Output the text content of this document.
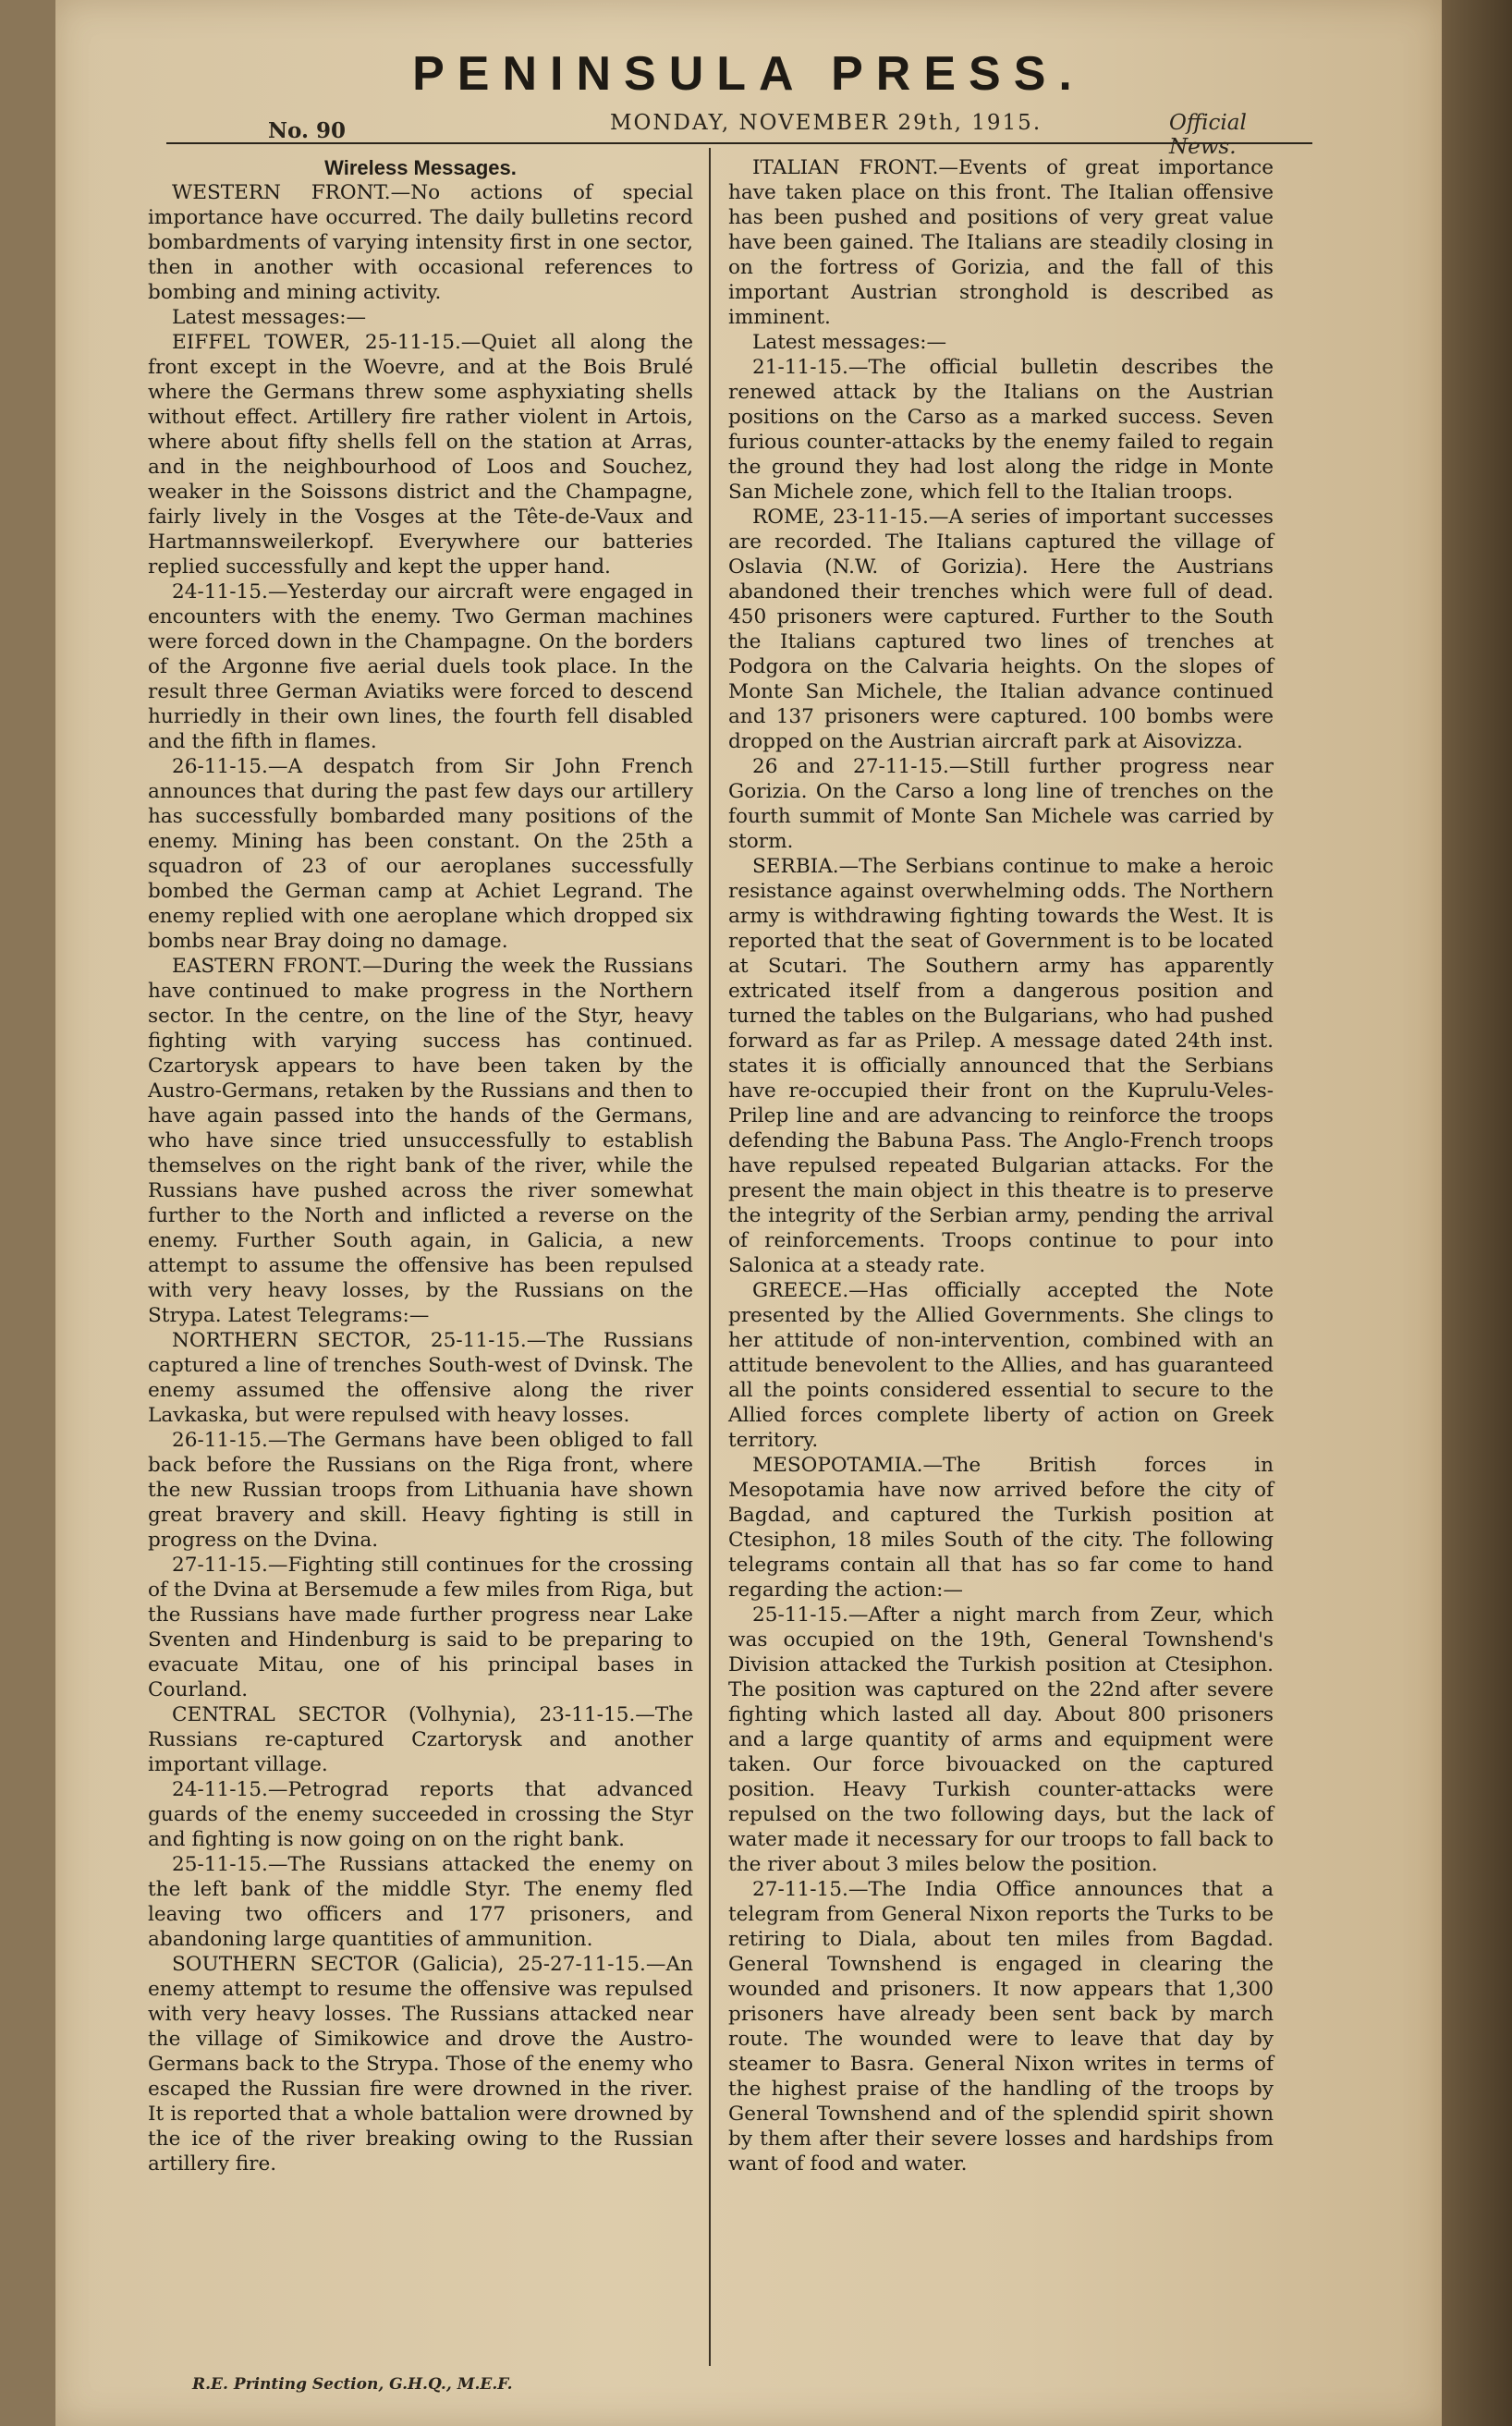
PENINSULA PRESS.
No. 90	MONDAY, NOVEMBER 29th, 1915.	Official News.
Wireless Messages.

WESTERN FRONT.—No actions of special importance have occurred. The daily bulletins record bombardments of varying intensity first in one sector, then in another with occasional references to bombing and mining activity.

Latest messages:—

EIFFEL TOWER, 25-11-15.—Quiet all along the front except in the Woevre, and at the Bois Brulé where the Germans threw some asphyxiating shells without effect. Artillery fire rather violent in Artois, where about fifty shells fell on the station at Arras, and in the neighbourhood of Loos and Souchez, weaker in the Soissons district and the Champagne, fairly lively in the Vosges at the Tête-de-Vaux and Hartmannsweilerkopf. Everywhere our batteries replied successfully and kept the upper hand.

24-11-15.—Yesterday our aircraft were engaged in encounters with the enemy. Two German machines were forced down in the Champagne. On the borders of the Argonne five aerial duels took place. In the result three German Aviatiks were forced to descend hurriedly in their own lines, the fourth fell disabled and the fifth in flames.

26-11-15.—A despatch from Sir John French announces that during the past few days our artillery has successfully bombarded many positions of the enemy. Mining has been constant. On the 25th a squadron of 23 of our aeroplanes successfully bombed the German camp at Achiet Legrand. The enemy replied with one aeroplane which dropped six bombs near Bray doing no damage.

EASTERN FRONT.—During the week the Russians have continued to make progress in the Northern sector. In the centre, on the line of the Styr, heavy fighting with varying success has continued. Czartorysk appears to have been taken by the Austro-Germans, retaken by the Russians and then to have again passed into the hands of the Germans, who have since tried unsuccessfully to establish themselves on the right bank of the river, while the Russians have pushed across the river somewhat further to the North and inflicted a reverse on the enemy. Further South again, in Galicia, a new attempt to assume the offensive has been repulsed with very heavy losses, by the Russians on the Strypa. Latest Telegrams:—

NORTHERN SECTOR, 25-11-15.—The Russians captured a line of trenches South-west of Dvinsk. The enemy assumed the offensive along the river Lavkaska, but were repulsed with heavy losses.

26-11-15.—The Germans have been obliged to fall back before the Russians on the Riga front, where the new Russian troops from Lithuania have shown great bravery and skill. Heavy fighting is still in progress on the Dvina.

27-11-15.—Fighting still continues for the crossing of the Dvina at Bersemude a few miles from Riga, but the Russians have made further progress near Lake Sventen and Hindenburg is said to be preparing to evacuate Mitau, one of his principal bases in Courland.

CENTRAL SECTOR (Volhynia), 23-11-15.—The Russians re-captured Czartorysk and another important village.

24-11-15.—Petrograd reports that advanced guards of the enemy succeeded in crossing the Styr and fighting is now going on on the right bank.

25-11-15.—The Russians attacked the enemy on the left bank of the middle Styr. The enemy fled leaving two officers and 177 prisoners, and abandoning large quantities of ammunition.

SOUTHERN SECTOR (Galicia), 25-27-11-15.—An enemy attempt to resume the offensive was repulsed with very heavy losses. The Russians attacked near the village of Simikowice and drove the Austro-Germans back to the Strypa. Those of the enemy who escaped the Russian fire were drowned in the river. It is reported that a whole battalion were drowned by the ice of the river breaking owing to the Russian artillery fire.

ITALIAN FRONT.—Events of great importance have taken place on this front. The Italian offensive has been pushed and positions of very great value have been gained. The Italians are steadily closing in on the fortress of Gorizia, and the fall of this important Austrian stronghold is described as imminent.

Latest messages:—

21-11-15.—The official bulletin describes the renewed attack by the Italians on the Austrian positions on the Carso as a marked success. Seven furious counter-attacks by the enemy failed to regain the ground they had lost along the ridge in Monte San Michele zone, which fell to the Italian troops.

ROME, 23-11-15.—A series of important successes are recorded. The Italians captured the village of Oslavia (N.W. of Gorizia). Here the Austrians abandoned their trenches which were full of dead. 450 prisoners were captured. Further to the South the Italians captured two lines of trenches at Podgora on the Calvaria heights. On the slopes of Monte San Michele, the Italian advance continued and 137 prisoners were captured. 100 bombs were dropped on the Austrian aircraft park at Aisovizza.

26 and 27-11-15.—Still further progress near Gorizia. On the Carso a long line of trenches on the fourth summit of Monte San Michele was carried by storm.

SERBIA.—The Serbians continue to make a heroic resistance against overwhelming odds. The Northern army is withdrawing fighting towards the West. It is reported that the seat of Government is to be located at Scutari. The Southern army has apparently extricated itself from a dangerous position and turned the tables on the Bulgarians, who had pushed forward as far as Prilep. A message dated 24th inst. states it is officially announced that the Serbians have re-occupied their front on the Kuprulu-Veles-Prilep line and are advancing to reinforce the troops defending the Babuna Pass. The Anglo-French troops have repulsed repeated Bulgarian attacks. For the present the main object in this theatre is to preserve the integrity of the Serbian army, pending the arrival of reinforcements. Troops continue to pour into Salonica at a steady rate.

GREECE.—Has officially accepted the Note presented by the Allied Governments. She clings to her attitude of non-intervention, combined with an attitude benevolent to the Allies, and has guaranteed all the points considered essential to secure to the Allied forces complete liberty of action on Greek territory.

MESOPOTAMIA.—The British forces in Mesopotamia have now arrived before the city of Bagdad, and captured the Turkish position at Ctesiphon, 18 miles South of the city. The following telegrams contain all that has so far come to hand regarding the action:—

25-11-15.—After a night march from Zeur, which was occupied on the 19th, General Townshend's Division attacked the Turkish position at Ctesiphon. The position was captured on the 22nd after severe fighting which lasted all day. About 800 prisoners and a large quantity of arms and equipment were taken. Our force bivouacked on the captured position. Heavy Turkish counter-attacks were repulsed on the two following days, but the lack of water made it necessary for our troops to fall back to the river about 3 miles below the position.

27-11-15.—The India Office announces that a telegram from General Nixon reports the Turks to be retiring to Diala, about ten miles from Bagdad. General Townshend is engaged in clearing the wounded and prisoners. It now appears that 1,300 prisoners have already been sent back by march route. The wounded were to leave that day by steamer to Basra. General Nixon writes in terms of the highest praise of the handling of the troops by General Townshend and of the splendid spirit shown by them after their severe losses and hardships from want of food and water.

R.E. Printing Section, G.H.Q., M.E.F.
